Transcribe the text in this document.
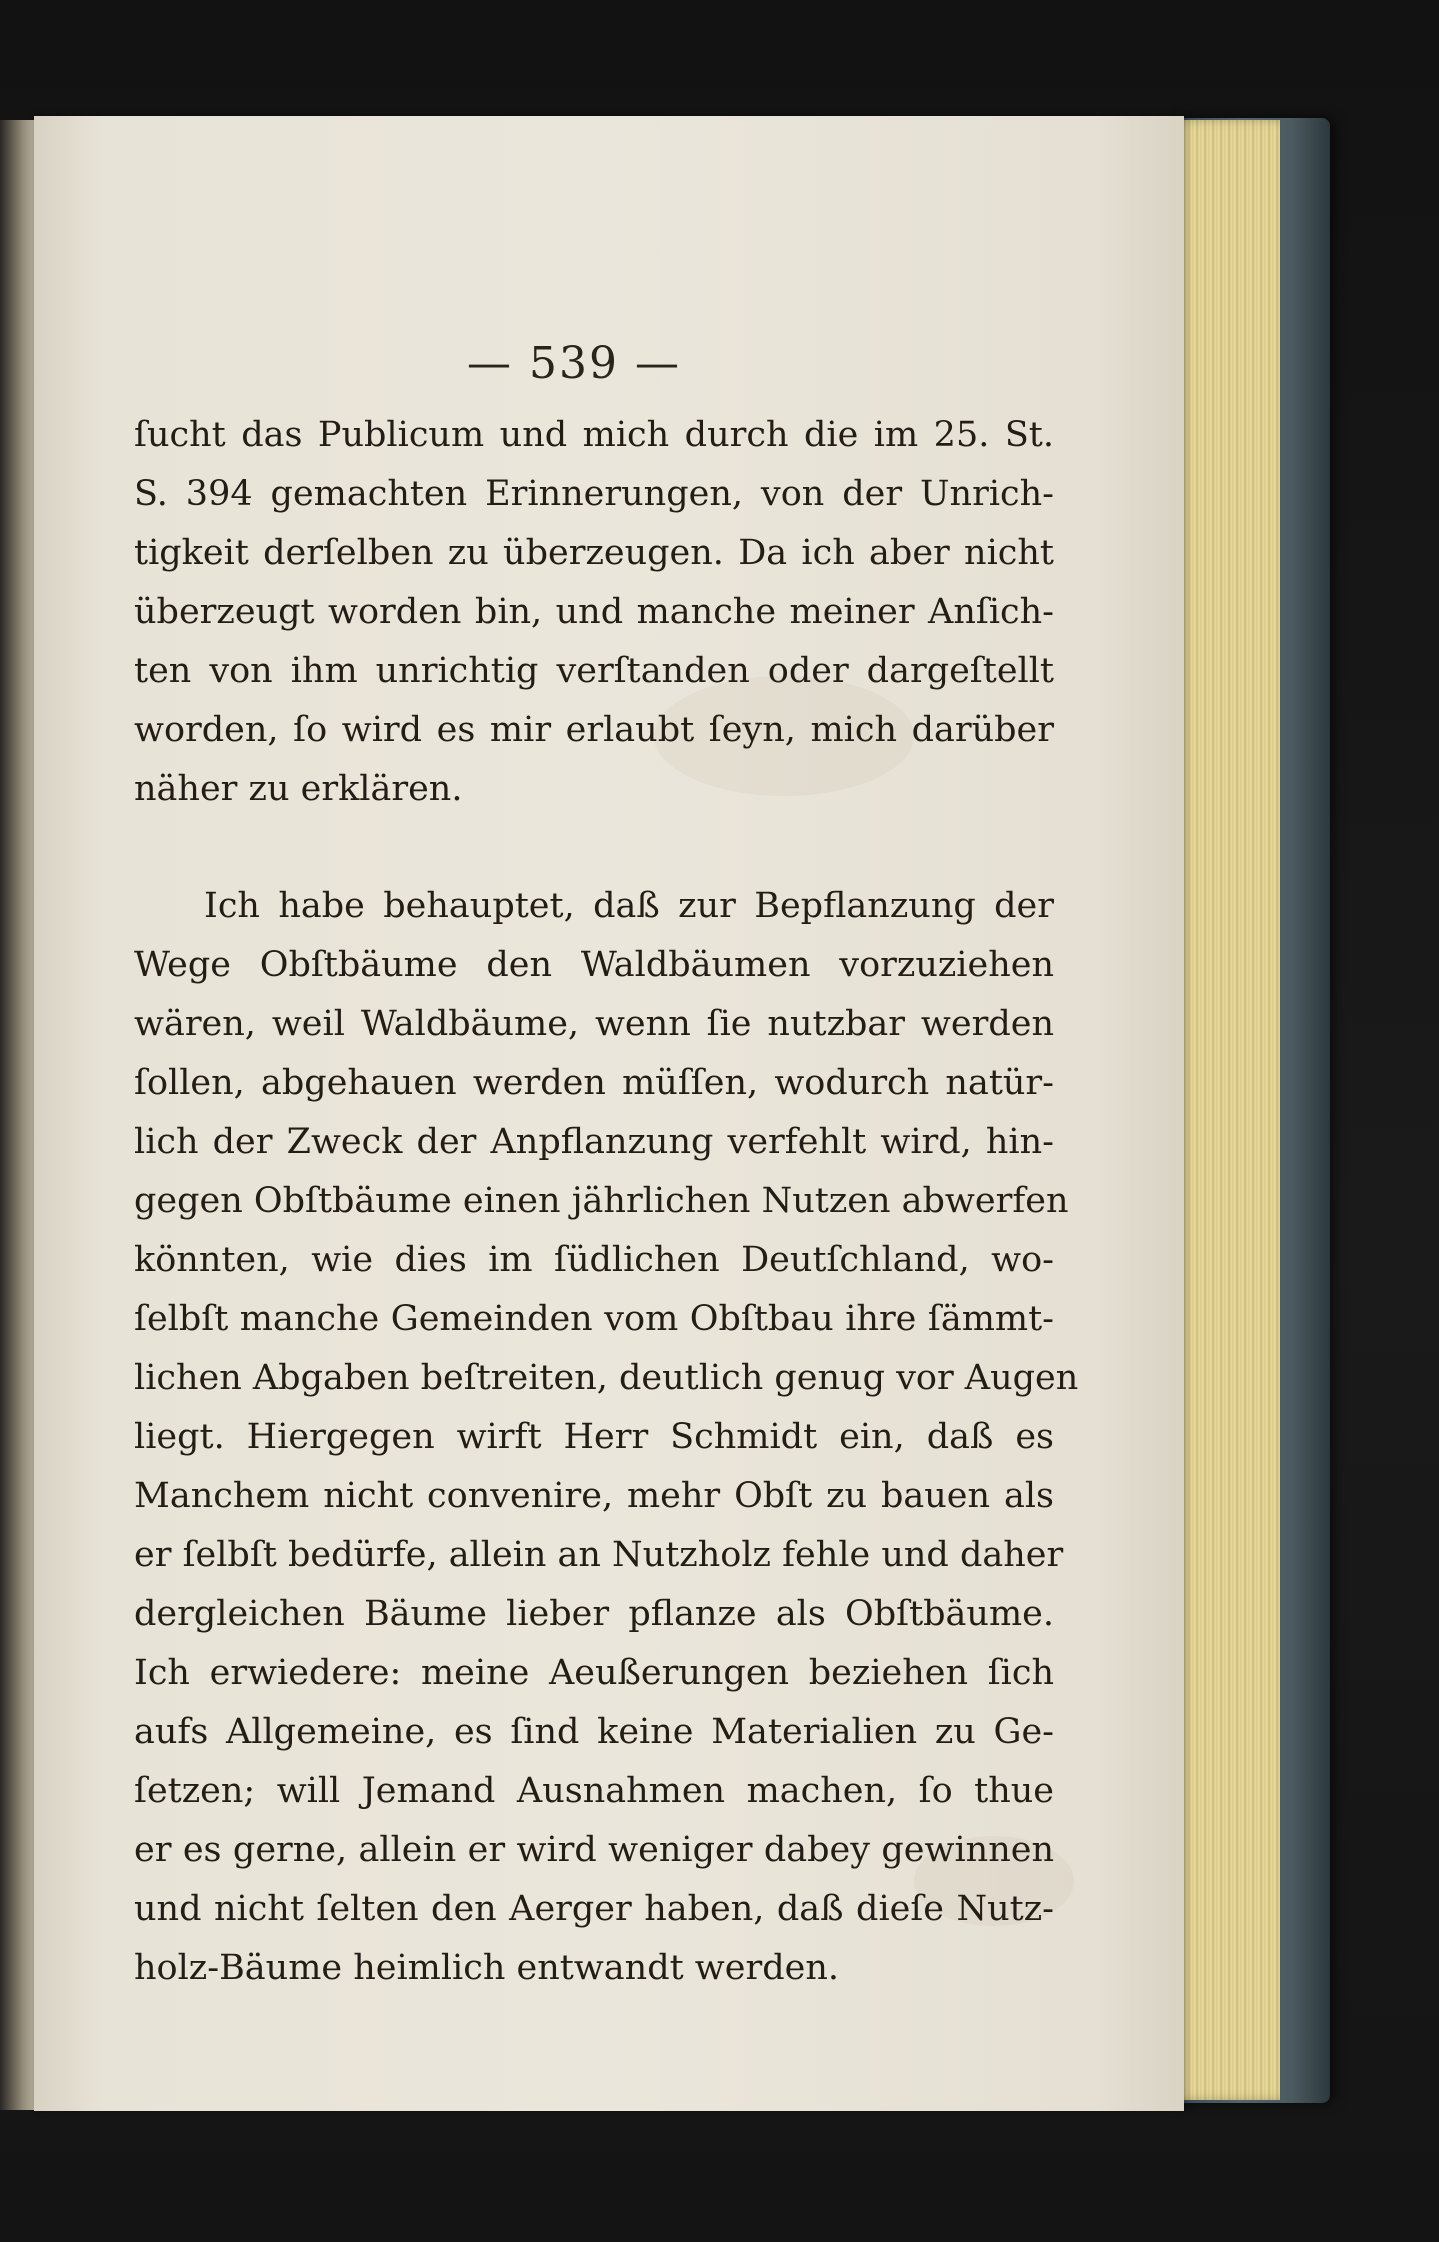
— 539 —
ſucht das Publicum und mich durch die im 25. St.
S. 394 gemachten Erinnerungen, von der Unrich-
tigkeit derſelben zu überzeugen. Da ich aber nicht
überzeugt worden bin, und manche meiner Anſich-
ten von ihm unrichtig verſtanden oder dargeſtellt
worden, ſo wird es mir erlaubt ſeyn, mich darüber
näher zu erklären.
Ich habe behauptet, daß zur Bepflanzung der
Wege Obſtbäume den Waldbäumen vorzuziehen
wären, weil Waldbäume, wenn ſie nutzbar werden
ſollen, abgehauen werden müſſen, wodurch natür-
lich der Zweck der Anpflanzung verfehlt wird, hin-
gegen Obſtbäume einen jährlichen Nutzen abwerfen
könnten, wie dies im ſüdlichen Deutſchland, wo-
ſelbſt manche Gemeinden vom Obſtbau ihre ſämmt-
lichen Abgaben beſtreiten, deutlich genug vor Augen
liegt. Hiergegen wirft Herr Schmidt ein, daß es
Manchem nicht convenire, mehr Obſt zu bauen als
er ſelbſt bedürfe, allein an Nutzholz fehle und daher
dergleichen Bäume lieber pflanze als Obſtbäume.
Ich erwiedere: meine Aeußerungen beziehen ſich
aufs Allgemeine, es ſind keine Materialien zu Ge-
ſetzen; will Jemand Ausnahmen machen, ſo thue
er es gerne, allein er wird weniger dabey gewinnen
und nicht ſelten den Aerger haben, daß dieſe Nutz-
holz-Bäume heimlich entwandt werden.
